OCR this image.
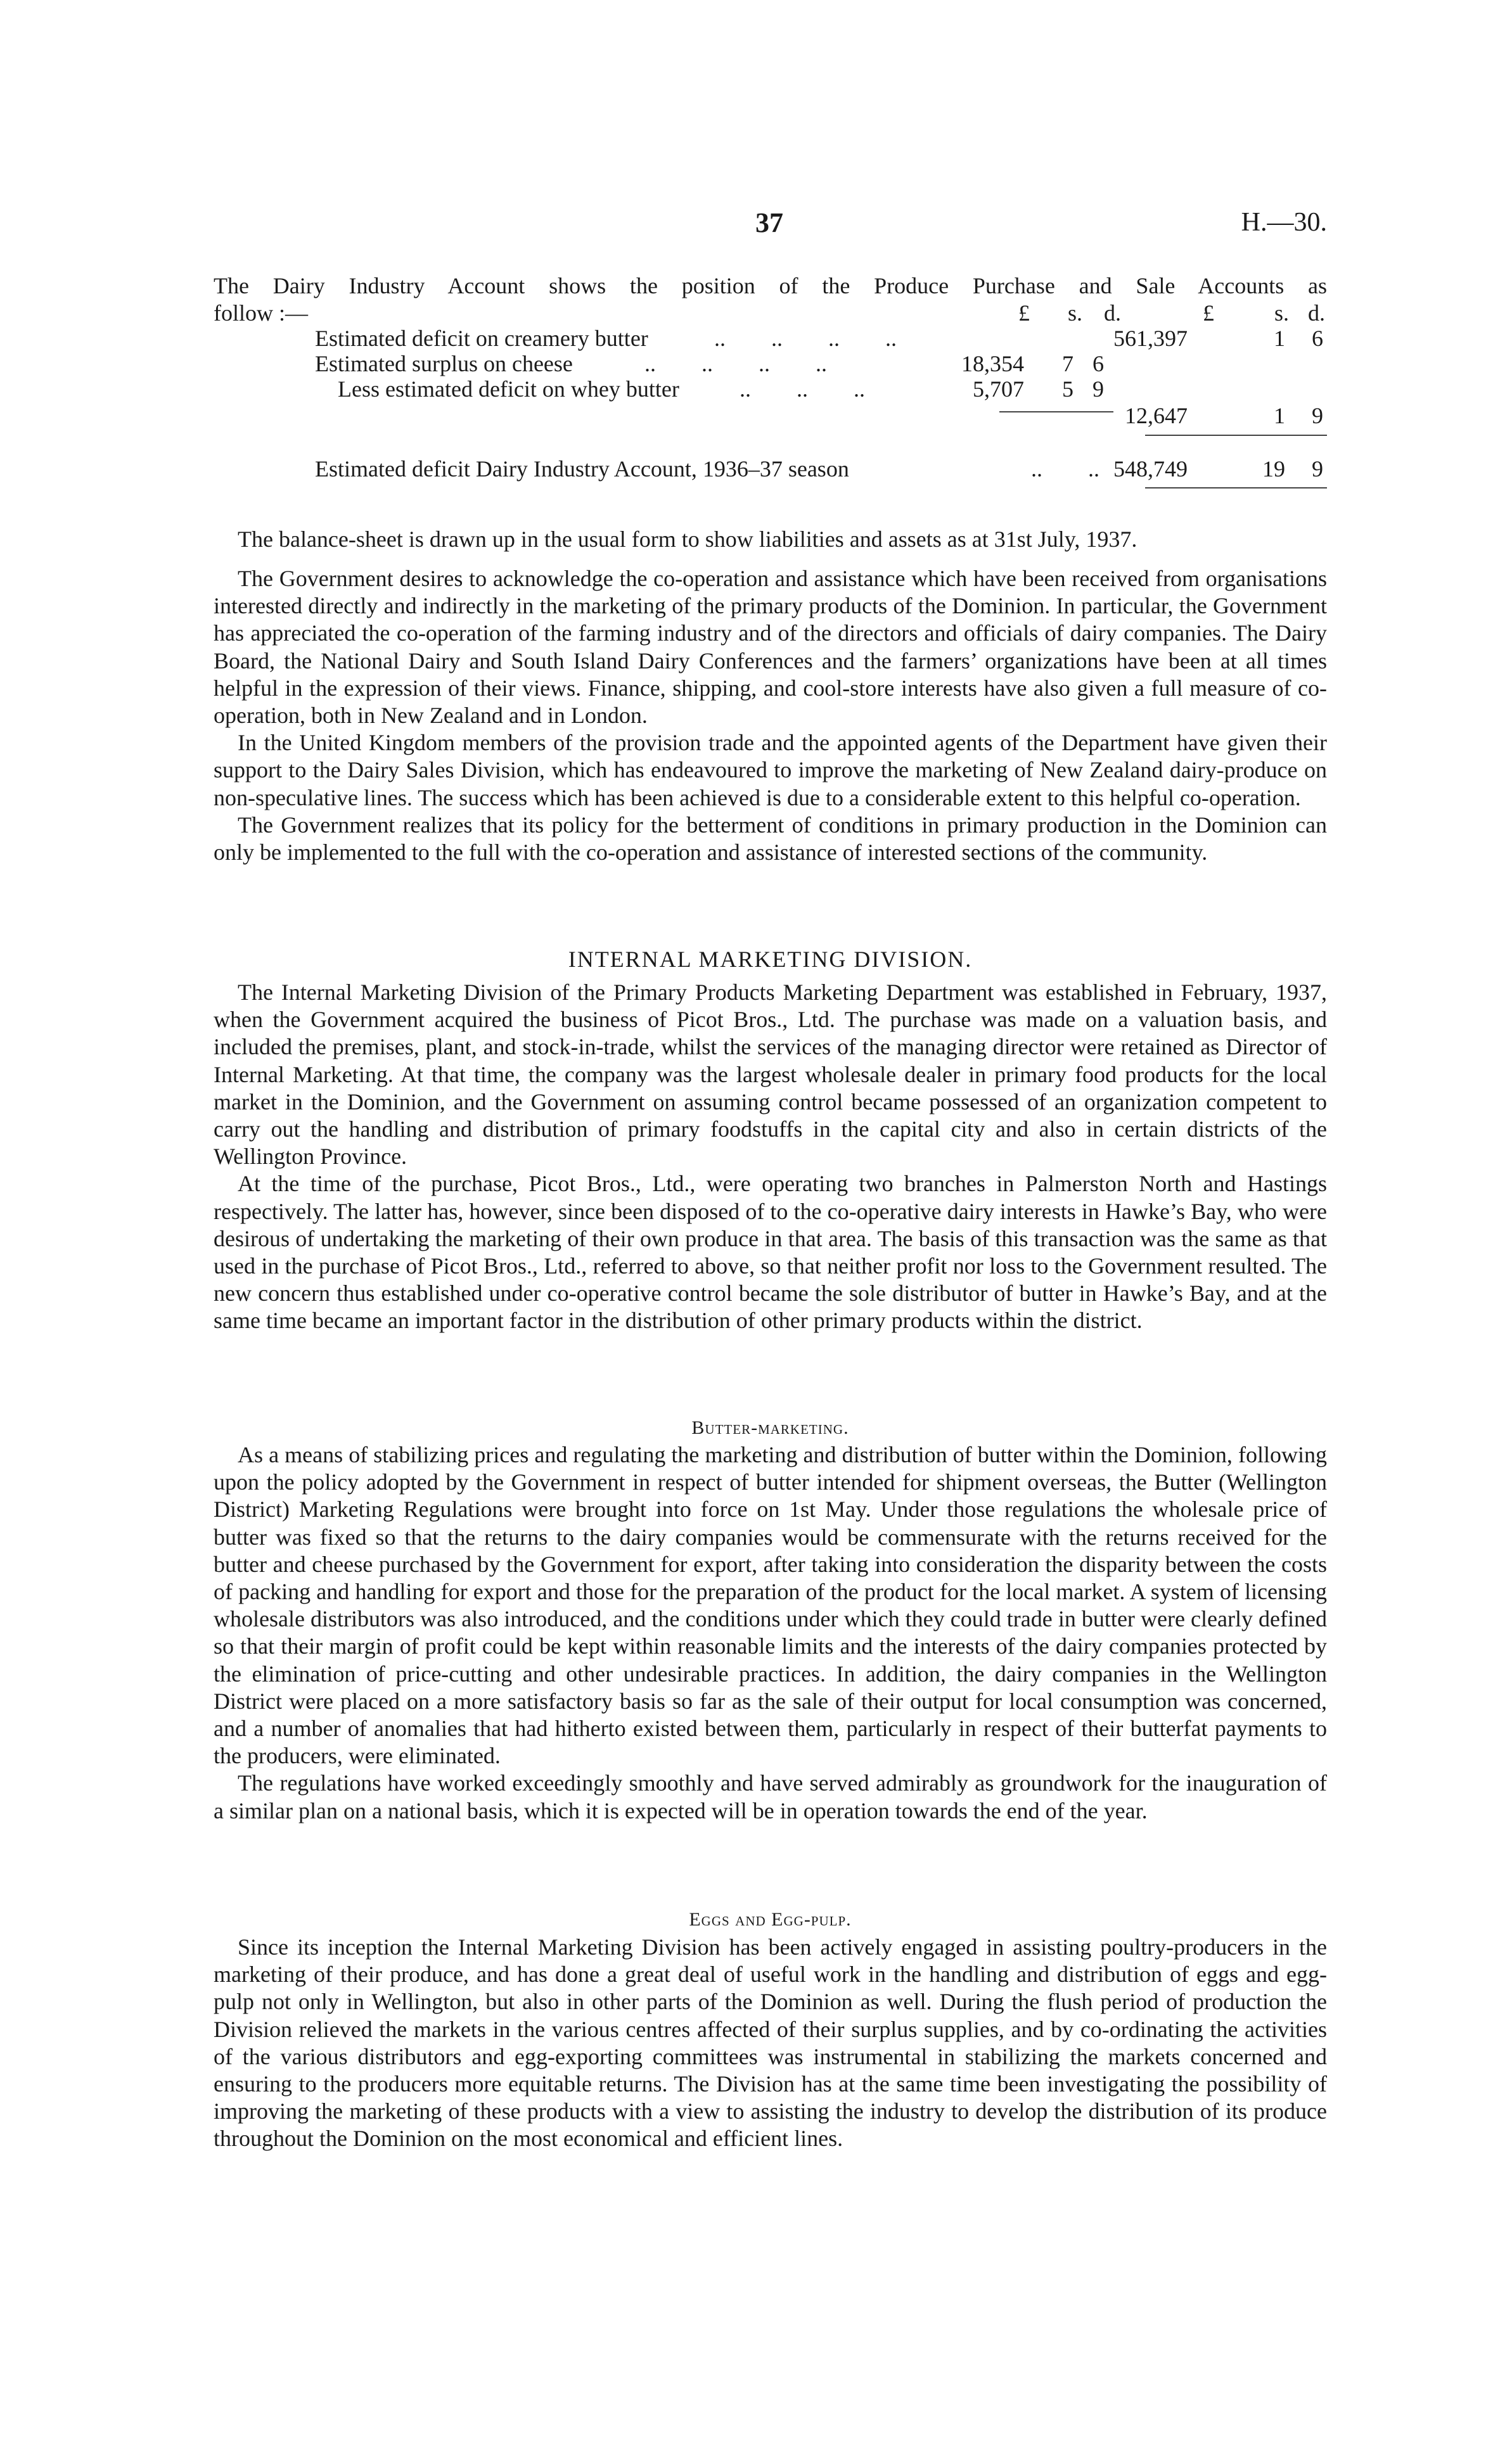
37	H.—30.
The Dairy Industry Account shows the position of the Produce Purchase and Sale Accounts as
follow :—	£ s. d.	£	s. d.
Estimated deficit on creamery butter	..        ..        ..        ..	561,397	1 6
Estimated surplus on cheese	..        ..        ..        ..	18,354 7 6
Less estimated deficit on whey butter	..        ..        ..	5,707 5 9
12,647	1 9
Estimated deficit Dairy Industry Account, 1936–37 season	..        .. 548,749	19 9

The balance-sheet is drawn up in the usual form to show liabilities and assets as at 31st July, 1937.

The Government desires to acknowledge the co-operation and assistance which have been received from organisations interested directly and indirectly in the marketing of the primary products of the Dominion. In particular, the Government has appreciated the co-operation of the farming industry and of the directors and officials of dairy companies. The Dairy Board, the National Dairy and South Island Dairy Conferences and the farmers’ organizations have been at all times helpful in the expression of their views. Finance, shipping, and cool-store interests have also given a full measure of co-operation, both in New Zealand and in London.

In the United Kingdom members of the provision trade and the appointed agents of the Department have given their support to the Dairy Sales Division, which has endeavoured to improve the marketing of New Zealand dairy-produce on non-speculative lines. The success which has been achieved is due to a considerable extent to this helpful co-operation.

The Government realizes that its policy for the betterment of conditions in primary production in the Dominion can only be implemented to the full with the co-operation and assistance of interested sections of the community.

INTERNAL MARKETING DIVISION.

The Internal Marketing Division of the Primary Products Marketing Department was established in February, 1937, when the Government acquired the business of Picot Bros., Ltd. The purchase was made on a valuation basis, and included the premises, plant, and stock-in-trade, whilst the services of the managing director were retained as Director of Internal Marketing. At that time, the company was the largest wholesale dealer in primary food products for the local market in the Dominion, and the Government on assuming control became possessed of an organization competent to carry out the handling and distribution of primary foodstuffs in the capital city and also in certain districts of the Wellington Province.

At the time of the purchase, Picot Bros., Ltd., were operating two branches in Palmerston North and Hastings respectively. The latter has, however, since been disposed of to the co-operative dairy interests in Hawke’s Bay, who were desirous of undertaking the marketing of their own produce in that area. The basis of this transaction was the same as that used in the purchase of Picot Bros., Ltd., referred to above, so that neither profit nor loss to the Government resulted. The new concern thus established under co-operative control became the sole distributor of butter in Hawke’s Bay, and at the same time became an important factor in the distribution of other primary products within the district.

Butter-marketing.

As a means of stabilizing prices and regulating the marketing and distribution of butter within the Dominion, following upon the policy adopted by the Government in respect of butter intended for shipment overseas, the Butter (Wellington District) Marketing Regulations were brought into force on 1st May. Under those regulations the wholesale price of butter was fixed so that the returns to the dairy companies would be commensurate with the returns received for the butter and cheese purchased by the Government for export, after taking into consideration the disparity between the costs of packing and handling for export and those for the preparation of the product for the local market. A system of licensing wholesale distributors was also introduced, and the conditions under which they could trade in butter were clearly defined so that their margin of profit could be kept within reasonable limits and the interests of the dairy companies protected by the elimination of price-cutting and other undesirable practices. In addition, the dairy companies in the Wellington District were placed on a more satisfactory basis so far as the sale of their output for local consumption was concerned, and a number of anomalies that had hitherto existed between them, particularly in respect of their butterfat payments to the producers, were eliminated.

The regulations have worked exceedingly smoothly and have served admirably as groundwork for the inauguration of a similar plan on a national basis, which it is expected will be in operation towards the end of the year.

Eggs and Egg-pulp.

Since its inception the Internal Marketing Division has been actively engaged in assisting poultry-producers in the marketing of their produce, and has done a great deal of useful work in the handling and distribution of eggs and egg-pulp not only in Wellington, but also in other parts of the Dominion as well. During the flush period of production the Division relieved the markets in the various centres affected of their surplus supplies, and by co-ordinating the activities of the various distributors and egg-exporting committees was instrumental in stabilizing the markets concerned and ensuring to the producers more equitable returns. The Division has at the same time been investigating the possibility of improving the marketing of these products with a view to assisting the industry to develop the distribution of its produce throughout the Dominion on the most economical and efficient lines.
